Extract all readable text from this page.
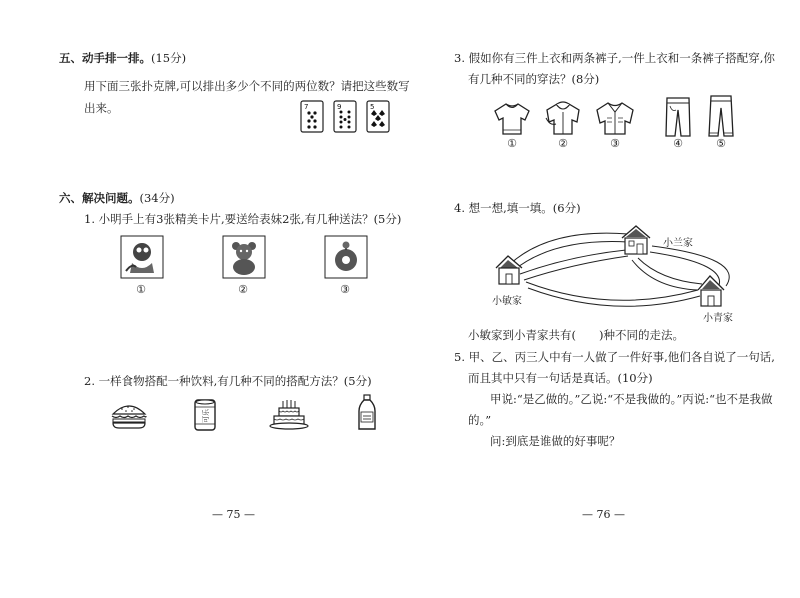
五、动手排一排。(15分)
用下面三张扑克牌,可以排出多少个不同的两位数？请把这些数写
出来。	7	9	5
六、解决问题。(34分)
1. 小明手上有3张精美卡片,要送给表妹2张,有几种送法？(5分)
①	②	③
2. 一样食物搭配一种饮料,有几种不同的搭配方法？(5分)
可乐
— 75 —
3. 假如你有三件上衣和两条裤子,一件上衣和一条裤子搭配穿,你
有几种不同的穿法？(8分)
①	②	③	④	⑤
4. 想一想,填一填。(6分)
小敏家
小兰家
小青家
小敏家到小青家共有(　　)种不同的走法。
5. 甲、乙、丙三人中有一人做了一件好事,他们各自说了一句话,
而且其中只有一句话是真话。(10分)
甲说:“是乙做的。”乙说:“不是我做的。”丙说:“也不是我做
的。”
问:到底是谁做的好事呢？
— 76 —
